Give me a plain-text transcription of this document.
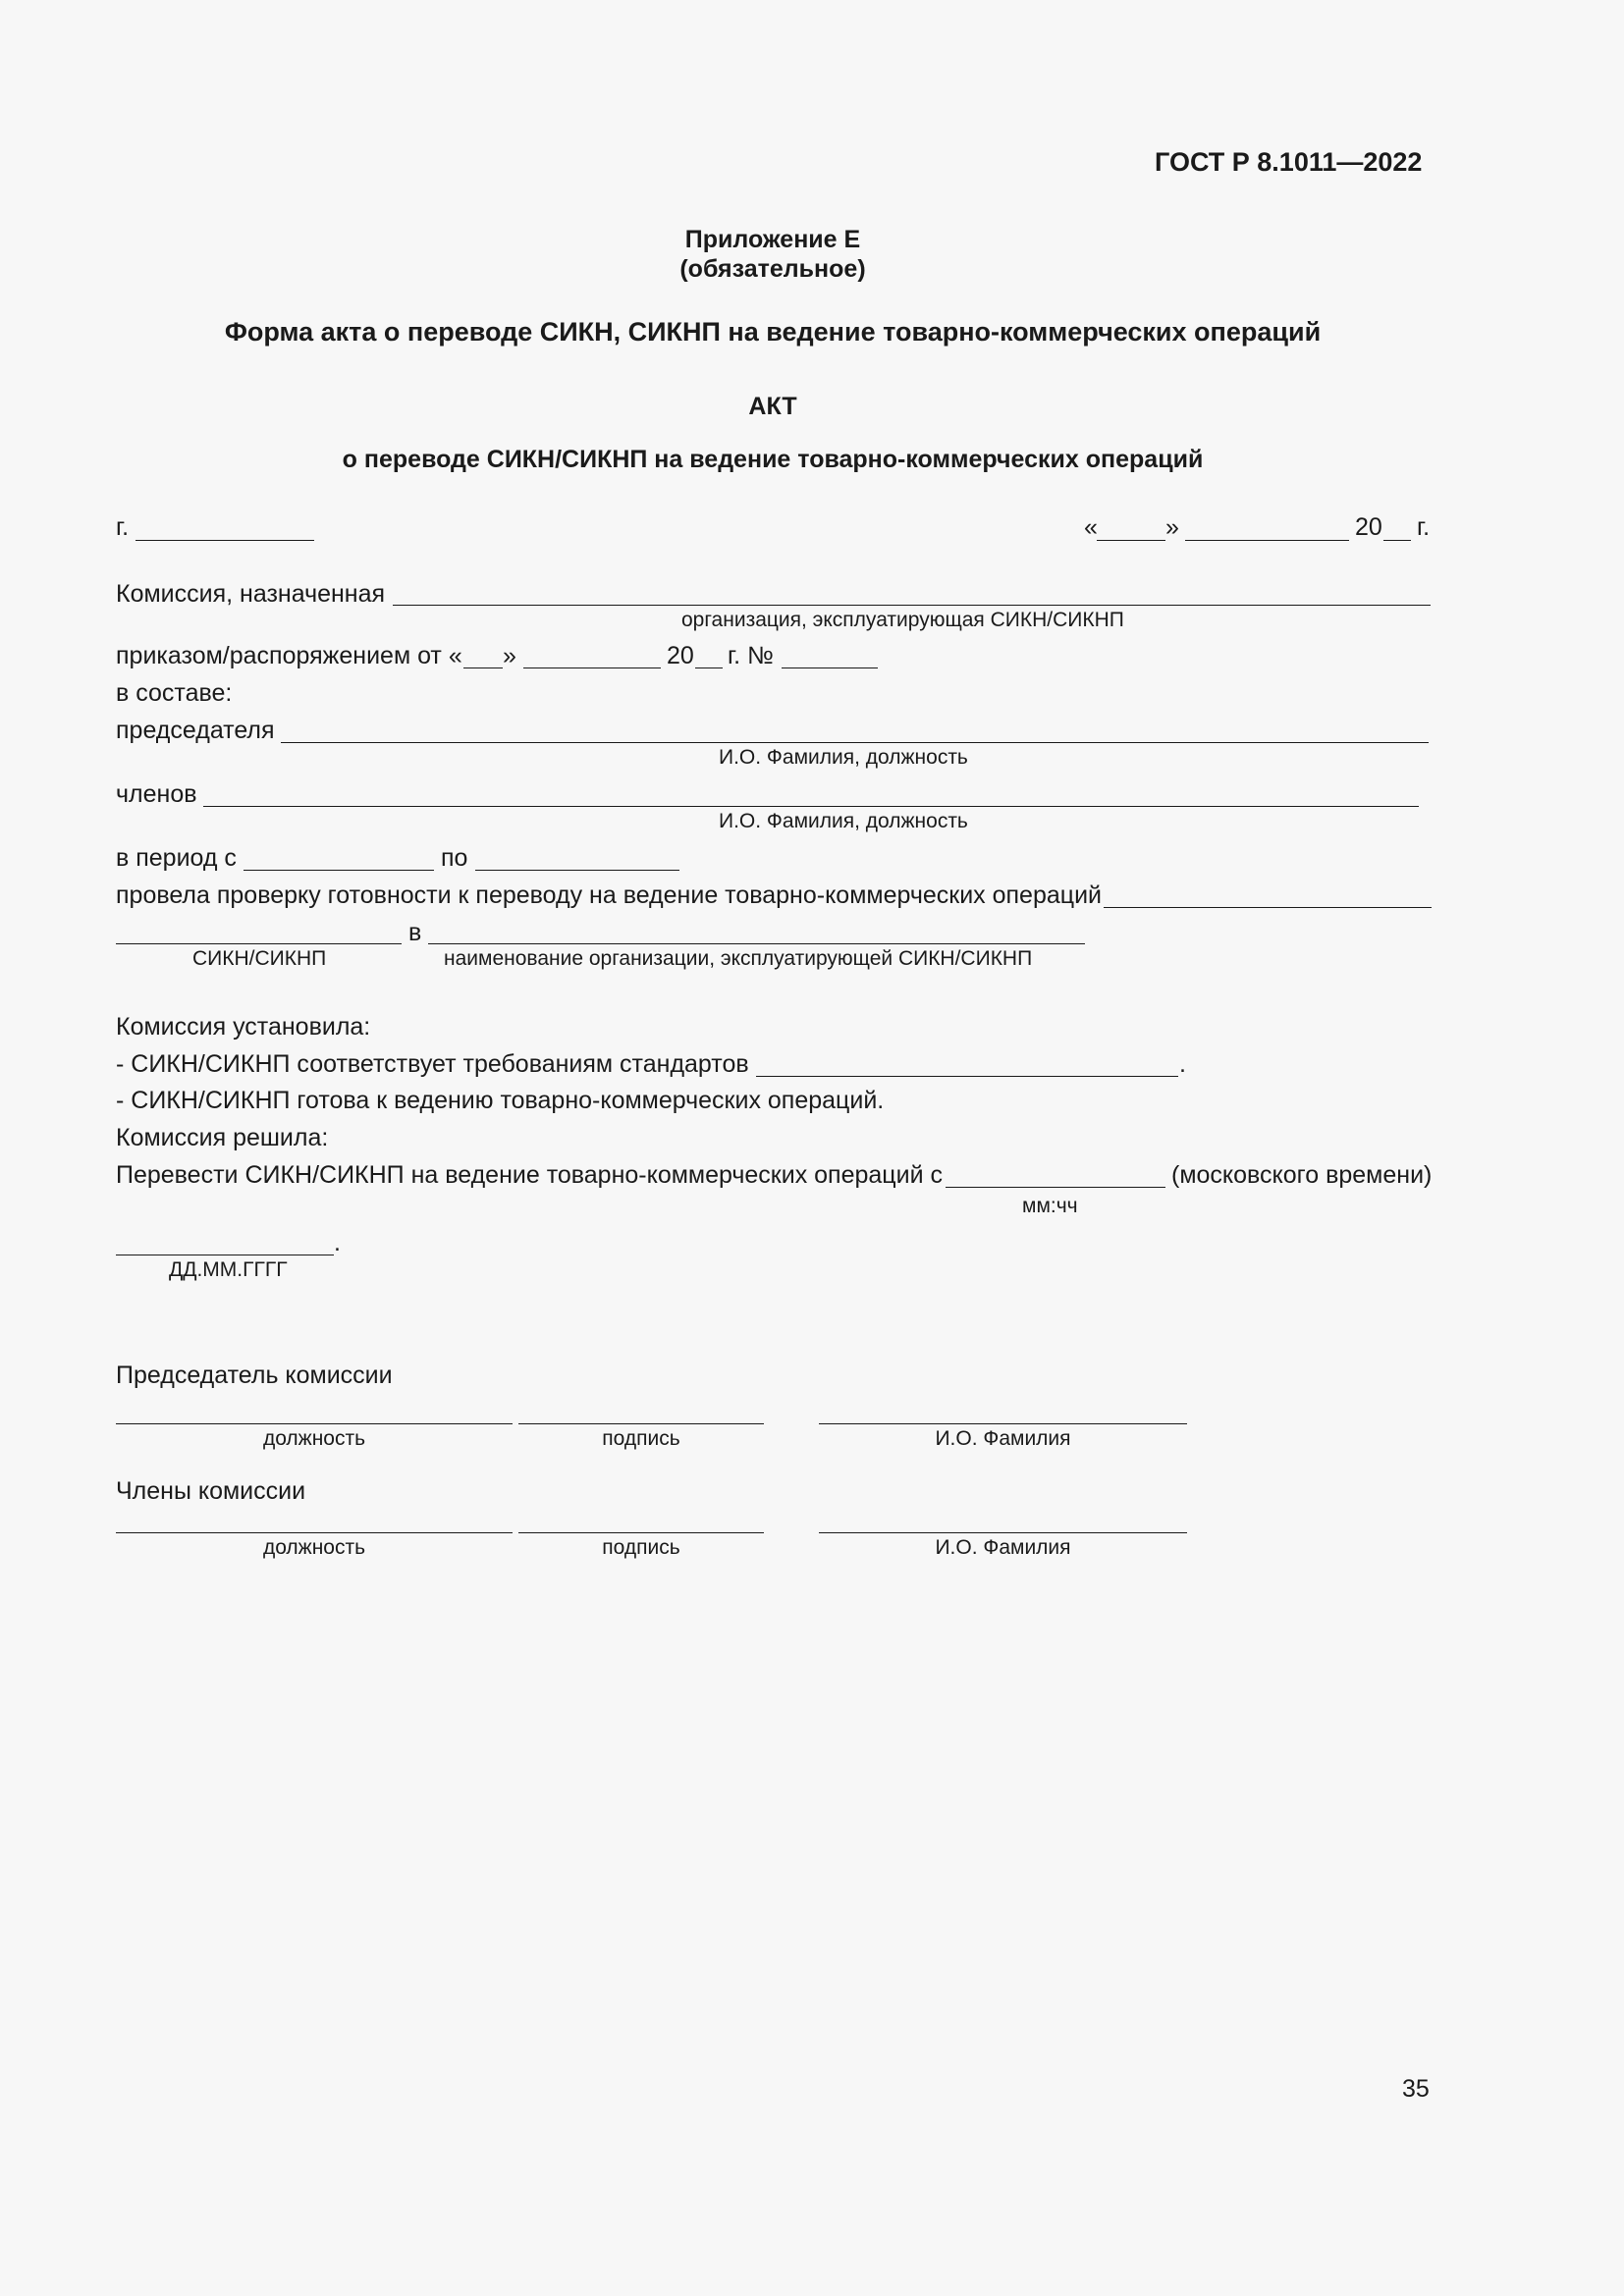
ГОСТ Р 8.1011—2022
Приложение Е
(обязательное)
Форма акта о переводе СИКН, СИКНП на ведение товарно-коммерческих операций
АКТ
о переводе СИКН/СИКНП на ведение товарно-коммерческих операций
г.	«	»	20 г.
Комиссия, назначенная
организация, эксплуатирующая СИКН/СИКНП
приказом/распоряжением от « »	20 г. №
в составе:
председателя
И.О. Фамилия, должность
членов
И.О. Фамилия, должность
в период с	по
провела проверку готовности к переводу на ведение товарно-коммерческих операций
в
СИКН/СИКНП	наименование организации, эксплуатирующей СИКН/СИКНП
Комиссия установила:
- СИКН/СИКНП соответствует требованиям стандартов	.
- СИКН/СИКНП готова к ведению товарно-коммерческих операций.
Комиссия решила:
Перевести СИКН/СИКНП на ведение товарно-коммерческих операций с	(московского времени)
мм:чч
.
ДД.ММ.ГГГГ
Председатель комиссии
должность	подпись	И.О. Фамилия
Члены комиссии
должность	подпись	И.О. Фамилия
35
